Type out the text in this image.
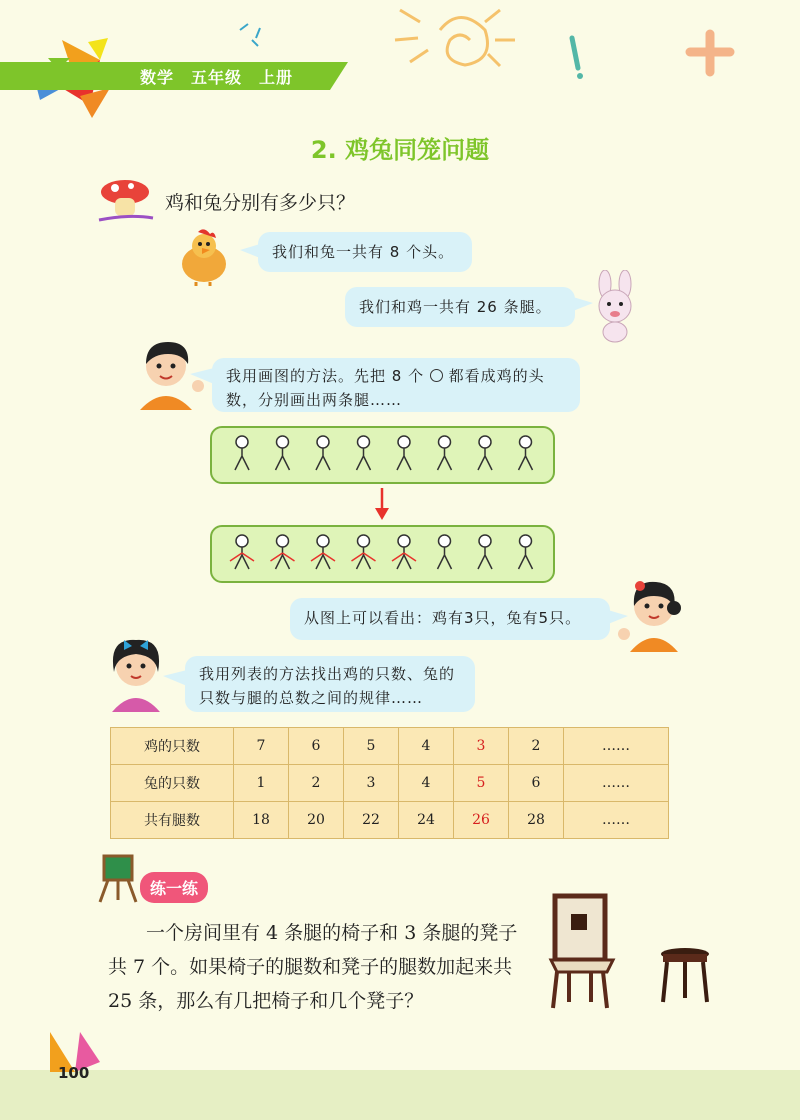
数学　五年级　上册
2. 鸡兔同笼问题
鸡和兔分别有多少只？
我们和兔一共有 8 个头。
我们和鸡一共有 26 条腿。
我用画图的方法。先把 8 个  都看成鸡的头数，分别画出两条腿……
从图上可以看出：鸡有3只，兔有5只。
我用列表的方法找出鸡的只数、兔的只数与腿的总数之间的规律……
鸡的只数	7	6	5	4	3	2	……
兔的只数	1	2	3	4	5	6	……
共有腿数	18	20	22	24	26	28	……
练一练
一个房间里有 4 条腿的椅子和 3 条腿的凳子共 7 个。如果椅子的腿数和凳子的腿数加起来共 25 条，那么有几把椅子和几个凳子？
100
